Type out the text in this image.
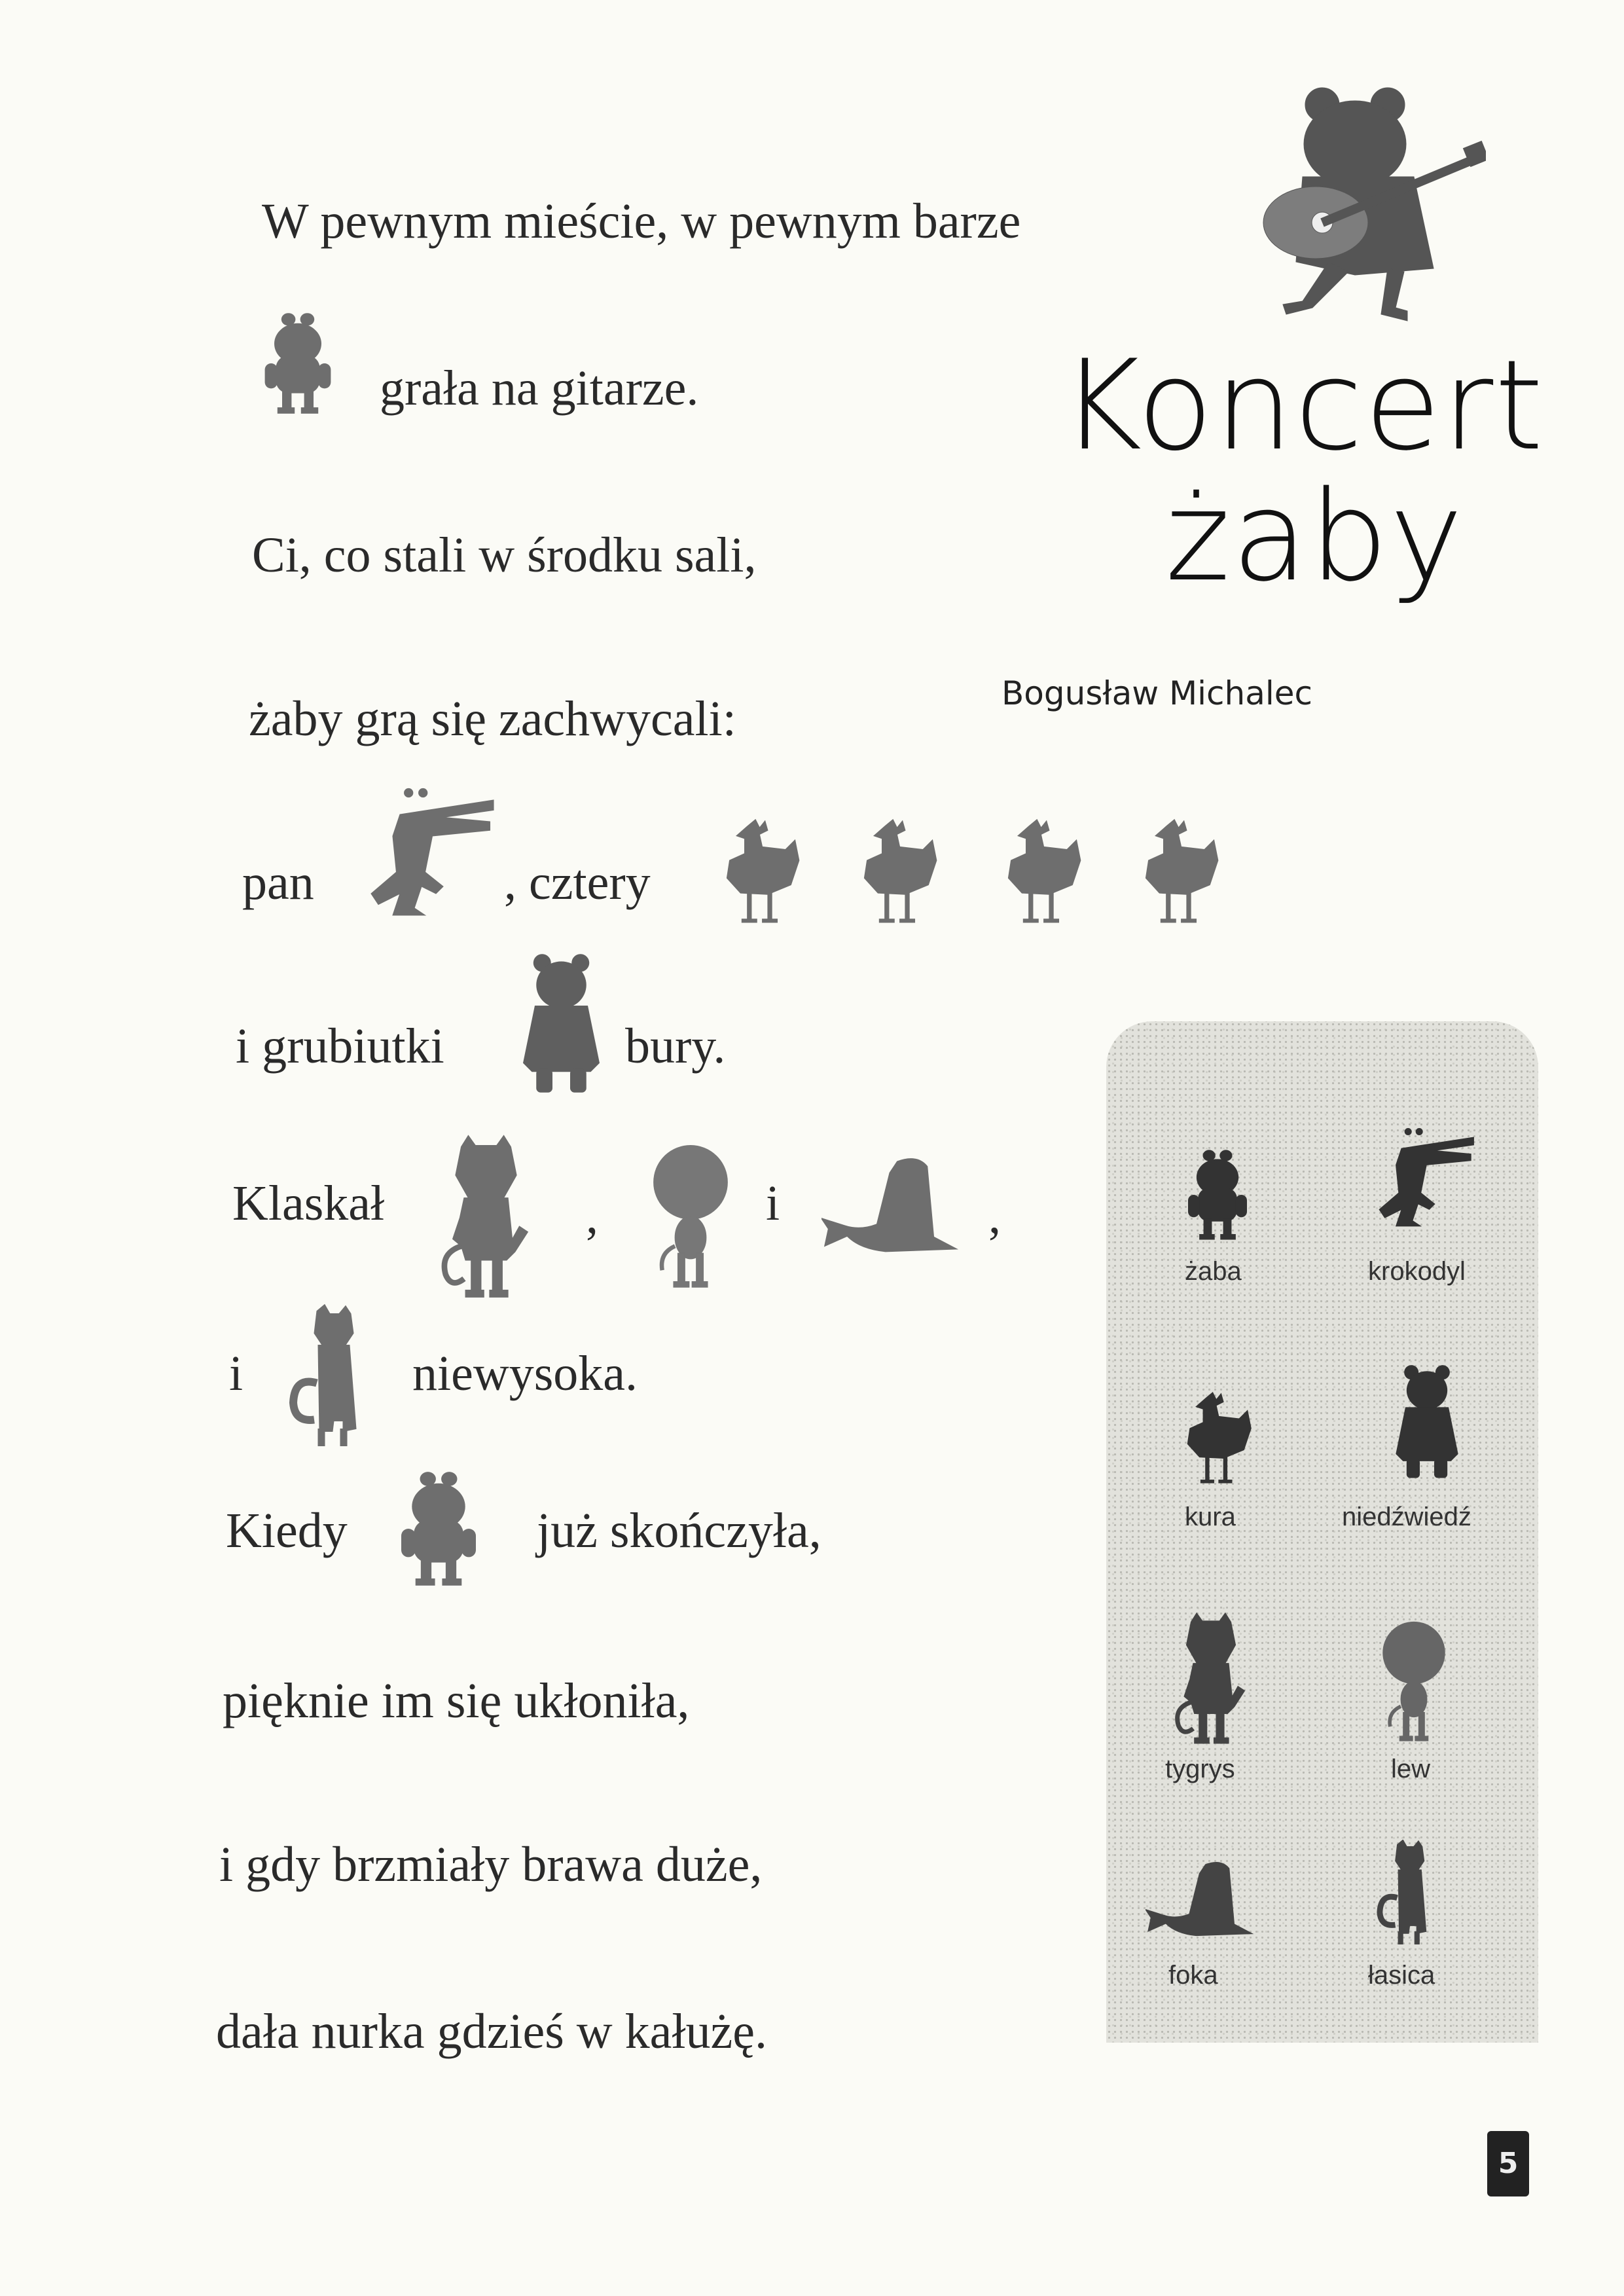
Koncert
żaby
Bogusław Michalec
W pewnym mieście, w pewnym barze
grała na gitarze.
Ci, co stali w środku sali,
żaby grą się zachwycali:
pan	, cztery
i grubiutki	bury.
Klaskał	,	i	,
i	niewysoka.
Kiedy	już skończyła,
pięknie im się ukłoniła,
i gdy brzmiały brawa duże,
dała nurka gdzieś w kałużę.
żaba	krokodyl
kura	niedźwiedź
tygrys	lew
foka	łasica
5
